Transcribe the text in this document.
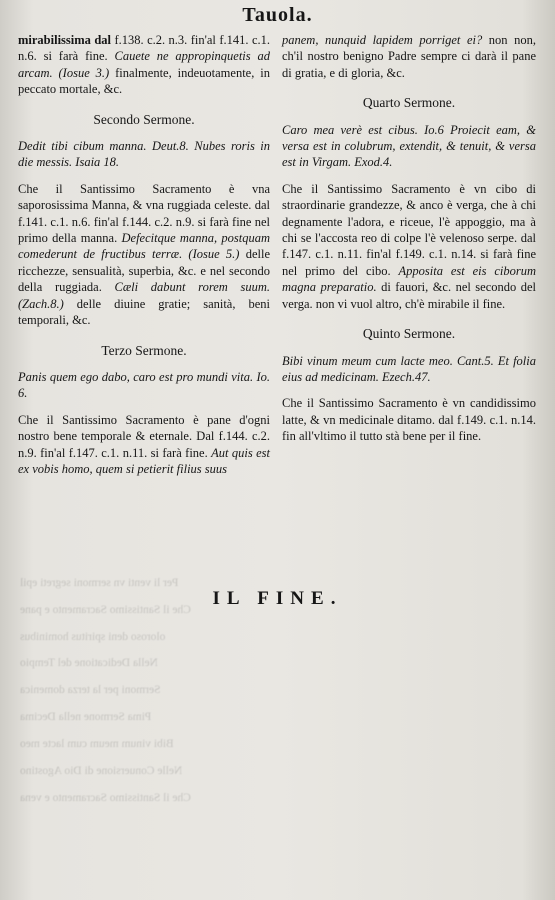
Per li venti vn sermoni segreti epil

Che il Santissimo Sacramento e pane

oloroso deni spiritus hominibus

Nella Dedicatione del Tempio

Sermoni per la terza domenica

Pima Sermone nella Decima

Bibi vinum meum cum lacte meo

Nelle Conuersione di Dio Agostino

Che il Santissimo Sacramento e vena

Tauola.

mirabilissima dal f.138. c.2. n.3. fin'al f.141. c.1. n.6. si farà fine. Cauete ne appropinquetis ad arcam. (Iosue 3.) finalmente, indeuotamente, in peccato mortale, &c.

Secondo Sermone.

Dedit tibi cibum manna. Deut.8. Nubes roris in die messis. Isaia 18.

Che il Santissimo Sacramento è vna saporosissima Manna, & vna ruggiada celeste. dal f.141. c.1. n.6. fin'al f.144. c.2. n.9. si farà fine nel primo della manna. Defecitque manna, postquam comederunt de fructibus terræ. (Iosue 5.) delle ricchezze, sensualità, superbia, &c. e nel secondo della ruggiada. Cæli dabunt rorem suum. (Zach.8.) delle diuine gratie; sanità, beni temporali, &c.

Terzo Sermone.

Panis quem ego dabo, caro est pro mundi vita. Io. 6.

Che il Santissimo Sacramento è pane d'ogni nostro bene temporale & eternale. Dal f.144. c.2. n.9. fin'al f.147. c.1. n.11. si farà fine. Aut quis est ex vobis homo, quem si petierit filius suus

panem, nunquid lapidem porriget ei? non non, ch'il nostro benigno Padre sempre ci darà il pane di gratia, e di gloria, &c.

Quarto Sermone.

Caro mea verè est cibus. Io.6 Proiecit eam, & versa est in colubrum, extendit, & tenuit, & versa est in Virgam. Exod.4.

Che il Santissimo Sacramento è vn cibo di straordinarie grandezze, & anco è verga, che à chi degnamente l'adora, e riceue, l'è appoggio, ma à chi se l'accosta reo di colpe l'è velenoso serpe. dal f.147. c.1. n.11. fin'al f.149. c.1. n.14. si farà fine nel primo del cibo. Apposita est eis ciborum magna preparatio. di fauori, &c. nel secondo del verga. non vi vuol altro, ch'è mirabile il fine.

Quinto Sermone.

Bibi vinum meum cum lacte meo. Cant.5. Et folia eius ad medicinam. Ezech.47.

Che il Santissimo Sacramento è vn candidissimo latte, & vn medicinale ditamo. dal f.149. c.1. n.14. fin all'vltimo il tutto stà bene per il fine.

IL FINE.
